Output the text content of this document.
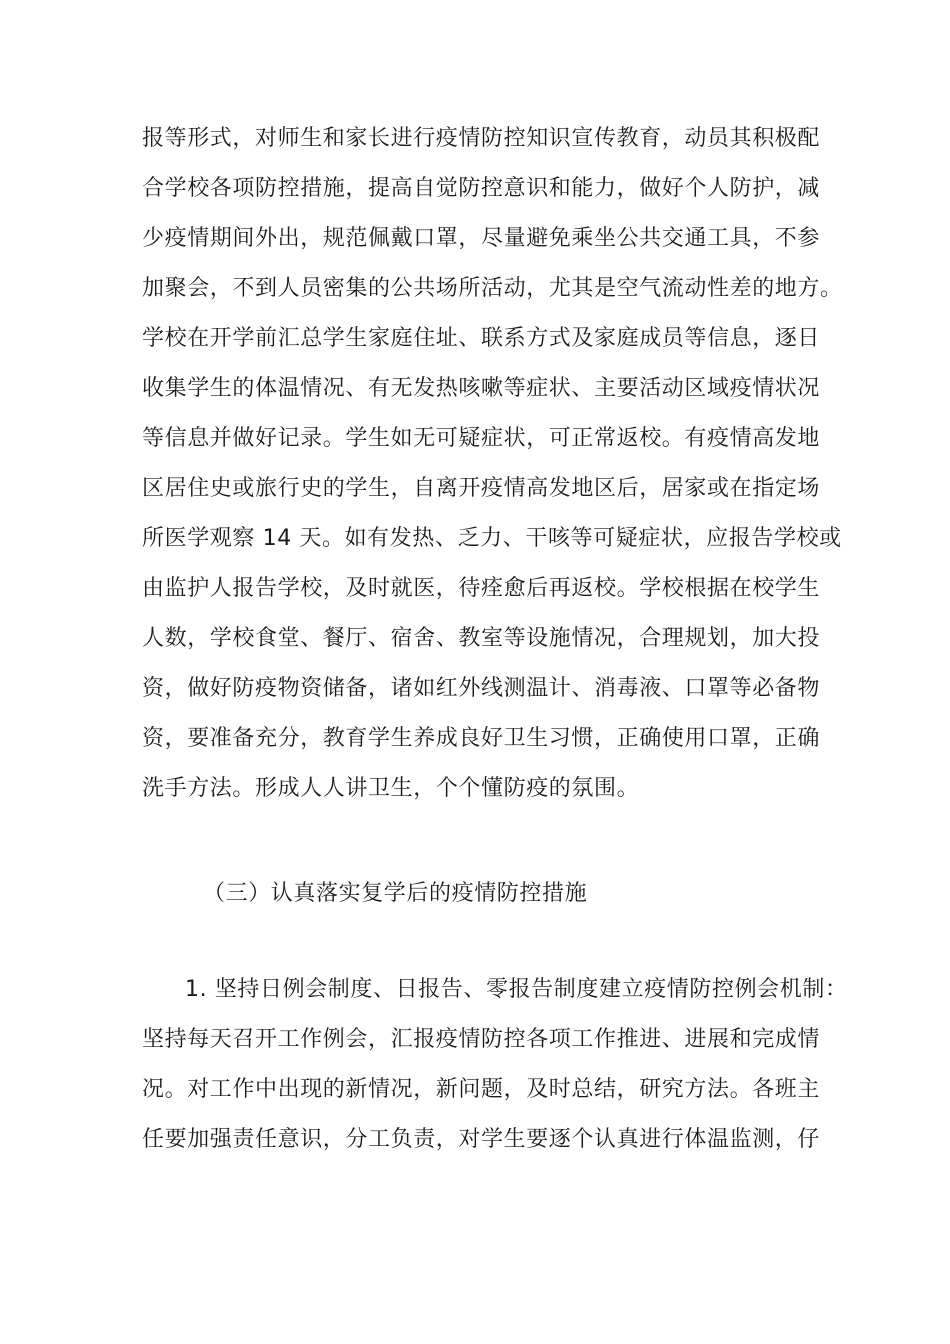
报等形式，对师生和家长进行疫情防控知识宣传教育，动员其积极配
合学校各项防控措施，提高自觉防控意识和能力，做好个人防护，减
少疫情期间外出，规范佩戴口罩，尽量避免乘坐公共交通工具，不参
加聚会，不到人员密集的公共场所活动，尤其是空气流动性差的地方。
学校在开学前汇总学生家庭住址、联系方式及家庭成员等信息，逐日
收集学生的体温情况、有无发热咳嗽等症状、主要活动区域疫情状况
等信息并做好记录。学生如无可疑症状，可正常返校。有疫情高发地
区居住史或旅行史的学生，自离开疫情高发地区后，居家或在指定场
所医学观察 14 天。如有发热、乏力、干咳等可疑症状，应报告学校或
由监护人报告学校，及时就医，待痊愈后再返校。学校根据在校学生
人数，学校食堂、餐厅、宿舍、教室等设施情况，合理规划，加大投
资，做好防疫物资储备，诸如红外线测温计、消毒液、口罩等必备物
资，要准备充分，教育学生养成良好卫生习惯，正确使用口罩，正确
洗手方法。形成人人讲卫生，个个懂防疫的氛围。
（三）认真落实复学后的疫情防控措施
1. 坚持日例会制度、日报告、零报告制度建立疫情防控例会机制：
坚持每天召开工作例会，汇报疫情防控各项工作推进、进展和完成情
况。对工作中出现的新情况，新问题，及时总结，研究方法。各班主
任要加强责任意识，分工负责，对学生要逐个认真进行体温监测，仔
